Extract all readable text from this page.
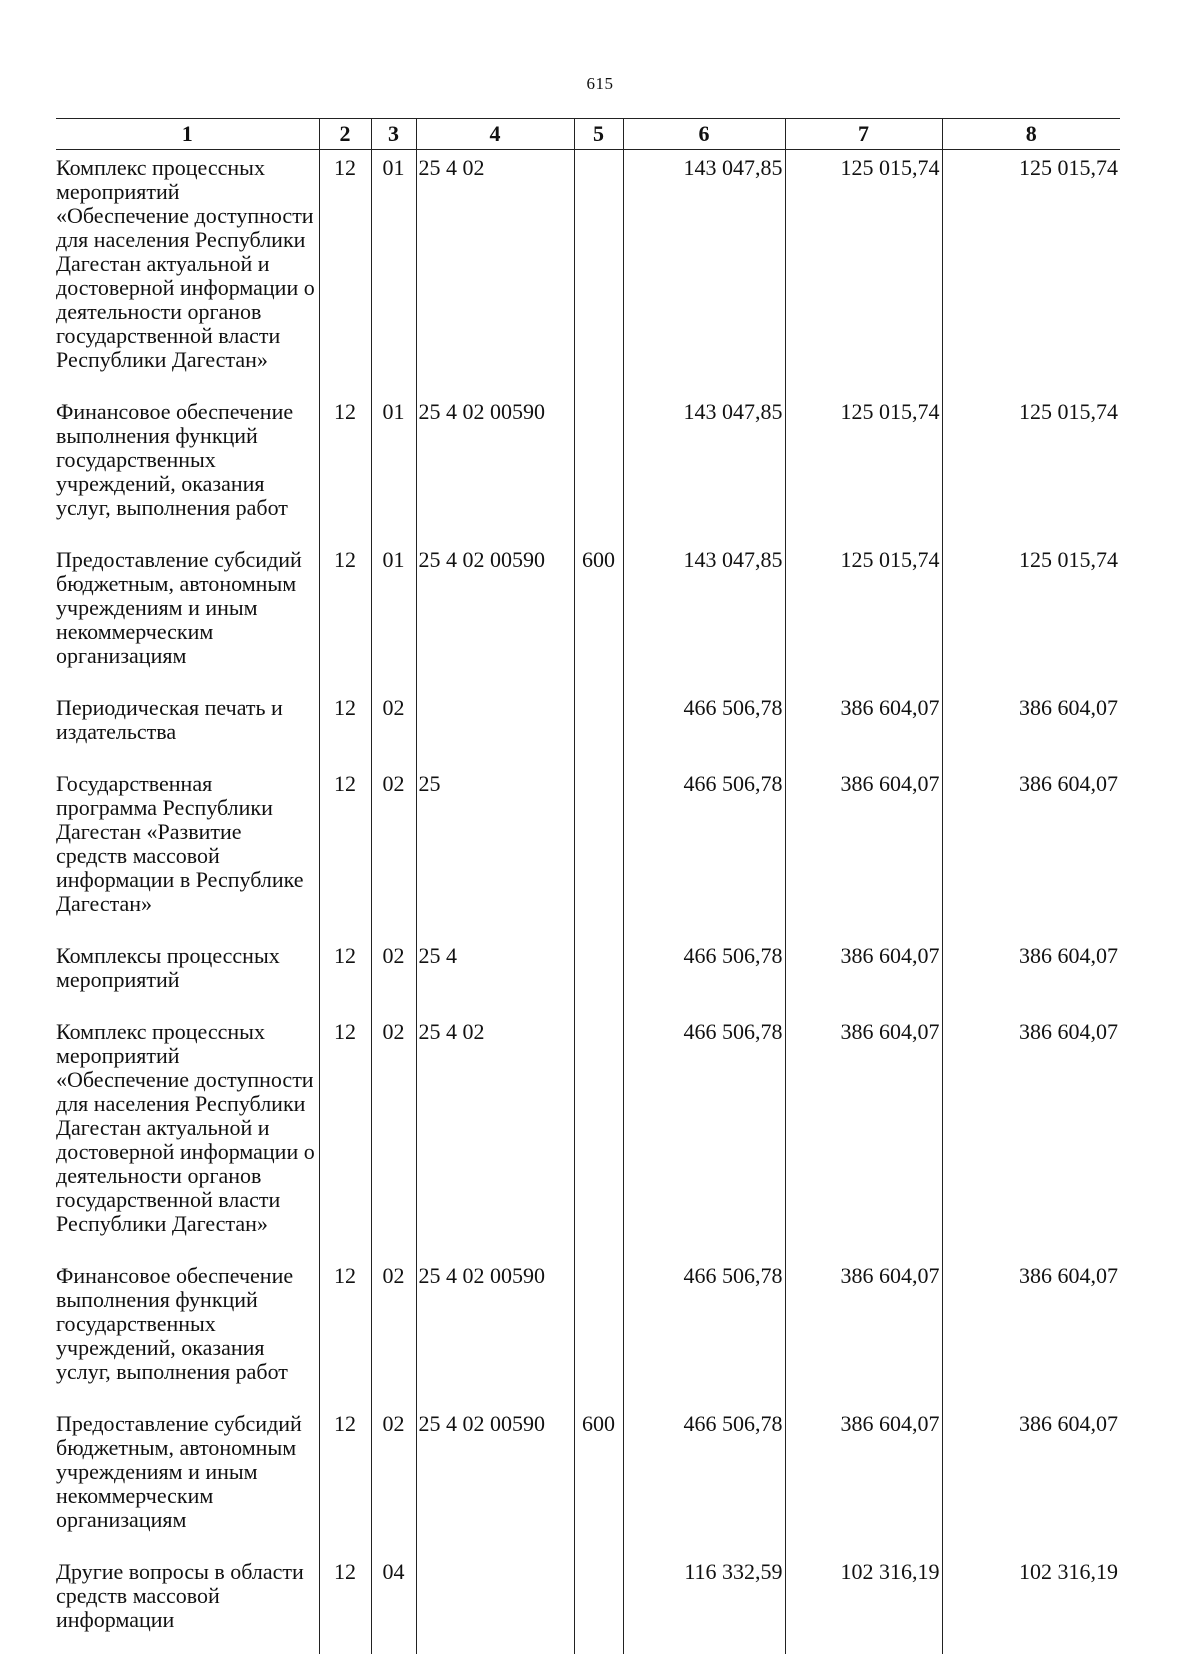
615
1	2	3	4	5	6	7	8
Комплекс процессных мероприятий «Обеспечение доступности для населения Республики Дагестан актуальной и достоверной информации о деятельности органов государственной власти Республики Дагестан»	12	01	25 4 02		143 047,85	125 015,74	125 015,74
Финансовое обеспечение выполнения функций государственных учреждений, оказания услуг, выполнения работ	12	01	25 4 02 00590		143 047,85	125 015,74	125 015,74
Предоставление субсидий бюджетным, автономным учреждениям и иным некоммерческим организациям	12	01	25 4 02 00590	600	143 047,85	125 015,74	125 015,74
Периодическая печать и издательства	12	02			466 506,78	386 604,07	386 604,07
Государственная программа Республики Дагестан «Развитие средств массовой информации в Республике Дагестан»	12	02	25		466 506,78	386 604,07	386 604,07
Комплексы процессных мероприятий	12	02	25 4		466 506,78	386 604,07	386 604,07
Комплекс процессных мероприятий «Обеспечение доступности для населения Республики Дагестан актуальной и достоверной информации о деятельности органов государственной власти Республики Дагестан»	12	02	25 4 02		466 506,78	386 604,07	386 604,07
Финансовое обеспечение выполнения функций государственных учреждений, оказания услуг, выполнения работ	12	02	25 4 02 00590		466 506,78	386 604,07	386 604,07
Предоставление субсидий бюджетным, автономным учреждениям и иным некоммерческим организациям	12	02	25 4 02 00590	600	466 506,78	386 604,07	386 604,07
Другие вопросы в области средств массовой информации	12	04			116 332,59	102 316,19	102 316,19
